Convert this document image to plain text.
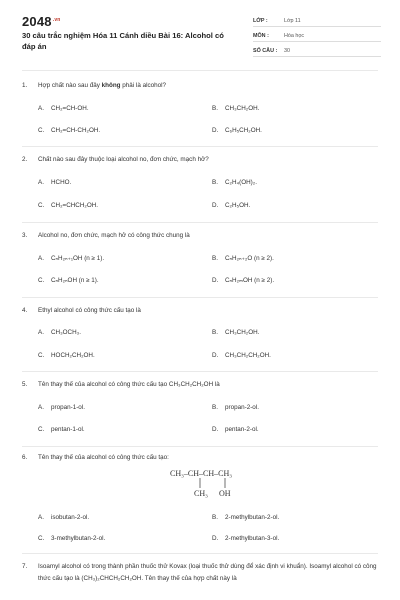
$2048^{.vn}$
30 câu trắc nghiệm Hóa 11 Cánh diều Bài 16: Alcohol có đáp án
LỚP :	Lớp 11
MÔN :	Hóa học
SỐ CÂU : 30
1. Hợp chất nào sau đây không phải là alcohol?
A. CH₂=CH-OH.	B. CH₃CH₂OH.
C. CH₂=CH-CH₂OH.	D. C₆H₅CH₂OH.
2. Chất nào sau đây thuộc loại alcohol no, đơn chức, mạch hở?
A. HCHO.	B. C₂H₄(OH)₂.
C. CH₂=CHCH₂OH.	D. C₂H₅OH.
3. Alcohol no, đơn chức, mạch hở có công thức chung là
A. CₙH₂ₙ₊₁OH (n ≥ 1).	B. CₙH₂ₙ₊₂O (n ≥ 2).
C. CₙH₂ₙOH (n ≥ 1).	D. CₙH₂ₘOH (n ≥ 2).
4. Ethyl alcohol có công thức cấu tạo là
A. CH₃OCH₃.	B. CH₃CH₂OH.
C. HOCH₂CH₂OH.	D. CH₃CH₂CH₂OH.
5. Tên thay thế của alcohol có công thức cấu tạo CH₃CH₂CH₂OH là
A. propan-1-ol.	B. propan-2-ol.
C. pentan-1-ol.	D. pentan-2-ol.
6. Tên thay thế của alcohol có công thức cấu tạo:
CH₃–CH–CH–CH₃
CH₃ OH
A. isobutan-2-ol.	B. 2-methylbutan-2-ol.
C. 3-methylbutan-2-ol.	D. 2-methylbutan-3-ol.
7. Isoamyl alcohol có trong thành phần thuốc thử Kovax (loại thuốc thử dùng để xác định vi khuẩn). Isoamyl alcohol có công thức cấu tạo là (CH₃)₂CHCH₂CH₂OH. Tên thay thế của hợp chất này là
